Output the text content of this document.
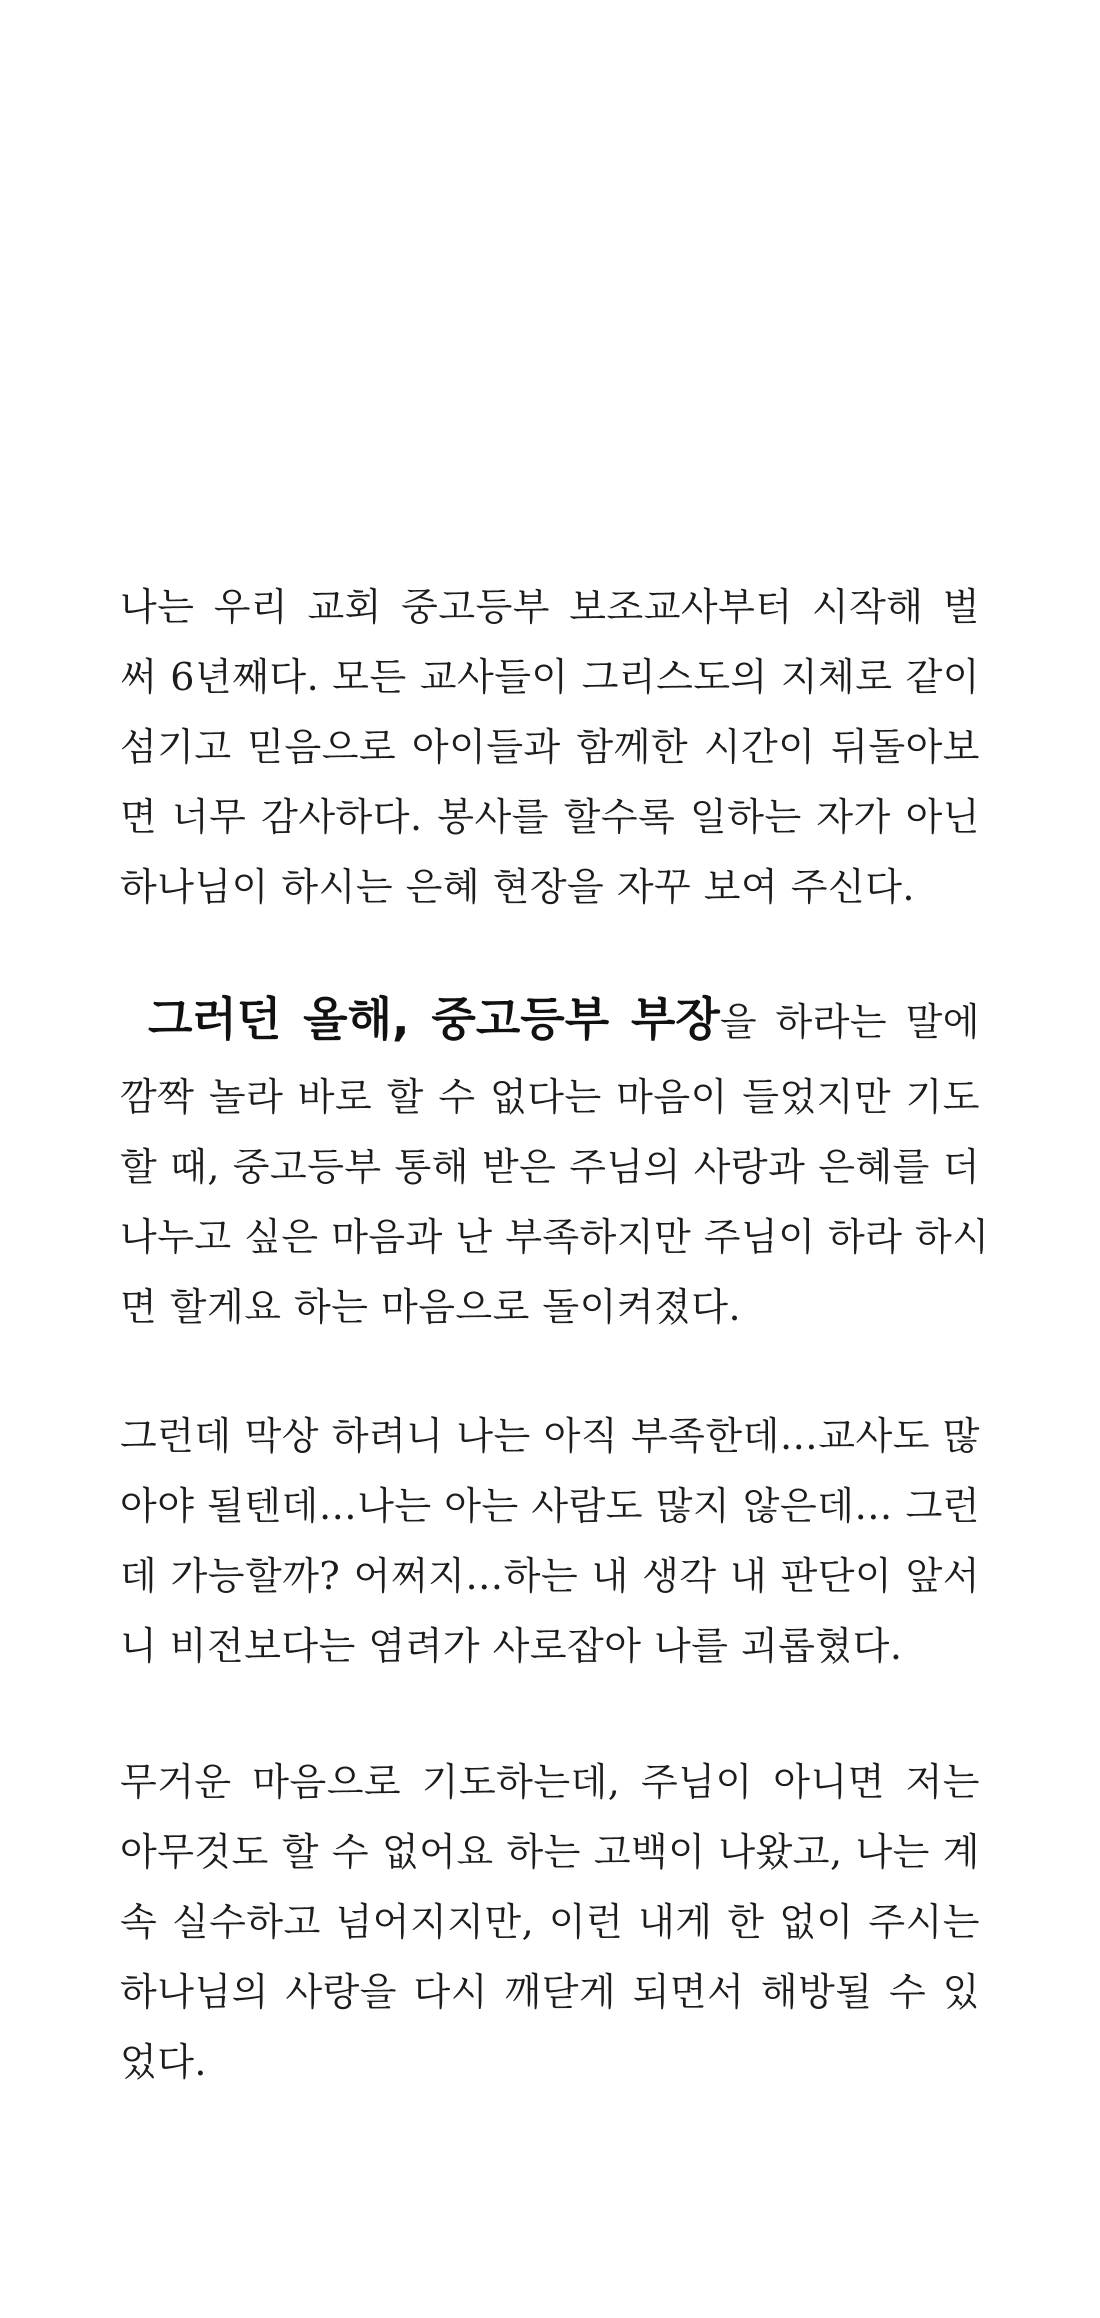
나는 우리 교회 중고등부 보조교사부터 시작해 벌
써 6년째다. 모든 교사들이 그리스도의 지체로 같이
섬기고 믿음으로 아이들과 함께한 시간이 뒤돌아보
면 너무 감사하다. 봉사를 할수록 일하는 자가 아닌
하나님이 하시는 은혜 현장을 자꾸 보여 주신다.
그러던 올해, 중고등부 부장을 하라는 말에
깜짝 놀라 바로 할 수 없다는 마음이 들었지만 기도
할 때, 중고등부 통해 받은 주님의 사랑과 은혜를 더
나누고 싶은 마음과 난 부족하지만 주님이 하라 하시
면 할게요 하는 마음으로 돌이켜졌다.
그런데 막상 하려니 나는 아직 부족한데…교사도 많
아야 될텐데…나는 아는 사람도 많지 않은데… 그런
데 가능할까? 어쩌지…하는 내 생각 내 판단이 앞서
니 비전보다는 염려가 사로잡아 나를 괴롭혔다.
무거운 마음으로 기도하는데, 주님이 아니면 저는
아무것도 할 수 없어요 하는 고백이 나왔고, 나는 계
속 실수하고 넘어지지만, 이런 내게 한 없이 주시는
하나님의 사랑을 다시 깨닫게 되면서 해방될 수 있
었다.
